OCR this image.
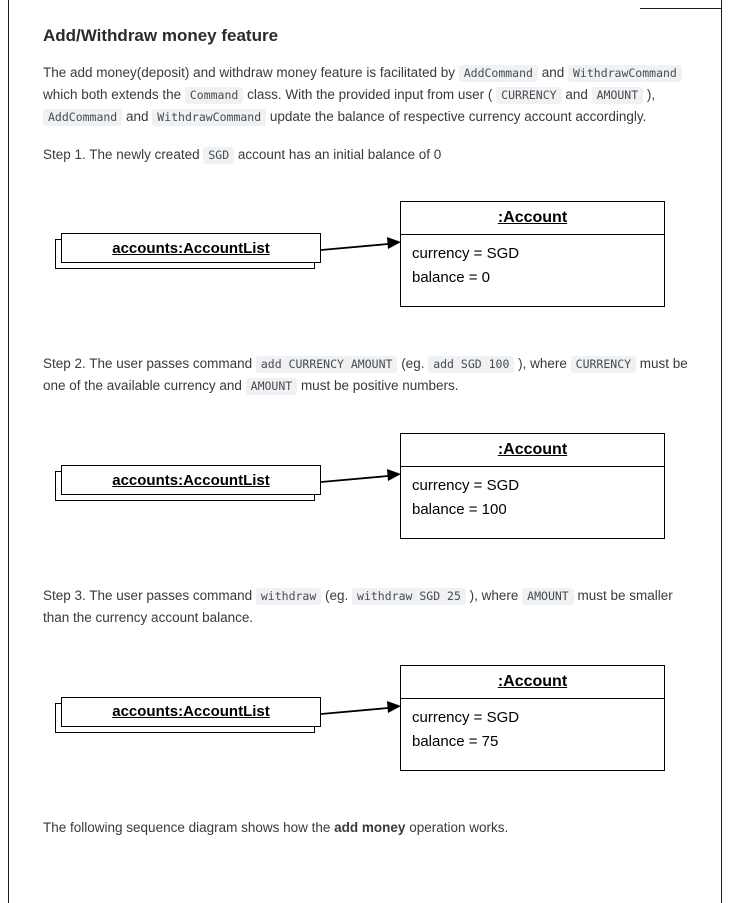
Add/Withdraw money feature

The add money(deposit) and withdraw money feature is facilitated by AddCommand and WithdrawCommand which both extends the Command class. With the provided input from user ( CURRENCY and AMOUNT ), AddCommand and WithdrawCommand update the balance of respective currency account accordingly.

Step 1. The newly created SGD account has an initial balance of 0

accounts:AccountList
:Account
currency = SGD
balance = 0

Step 2. The user passes command add CURRENCY AMOUNT (eg. add SGD 100 ), where CURRENCY must be one of the available currency and AMOUNT must be positive numbers.

accounts:AccountList
:Account
currency = SGD
balance = 100

Step 3. The user passes command withdraw (eg. withdraw SGD 25 ), where AMOUNT must be smaller than the currency account balance.

accounts:AccountList
:Account
currency = SGD
balance = 75

The following sequence diagram shows how the add money operation works.
